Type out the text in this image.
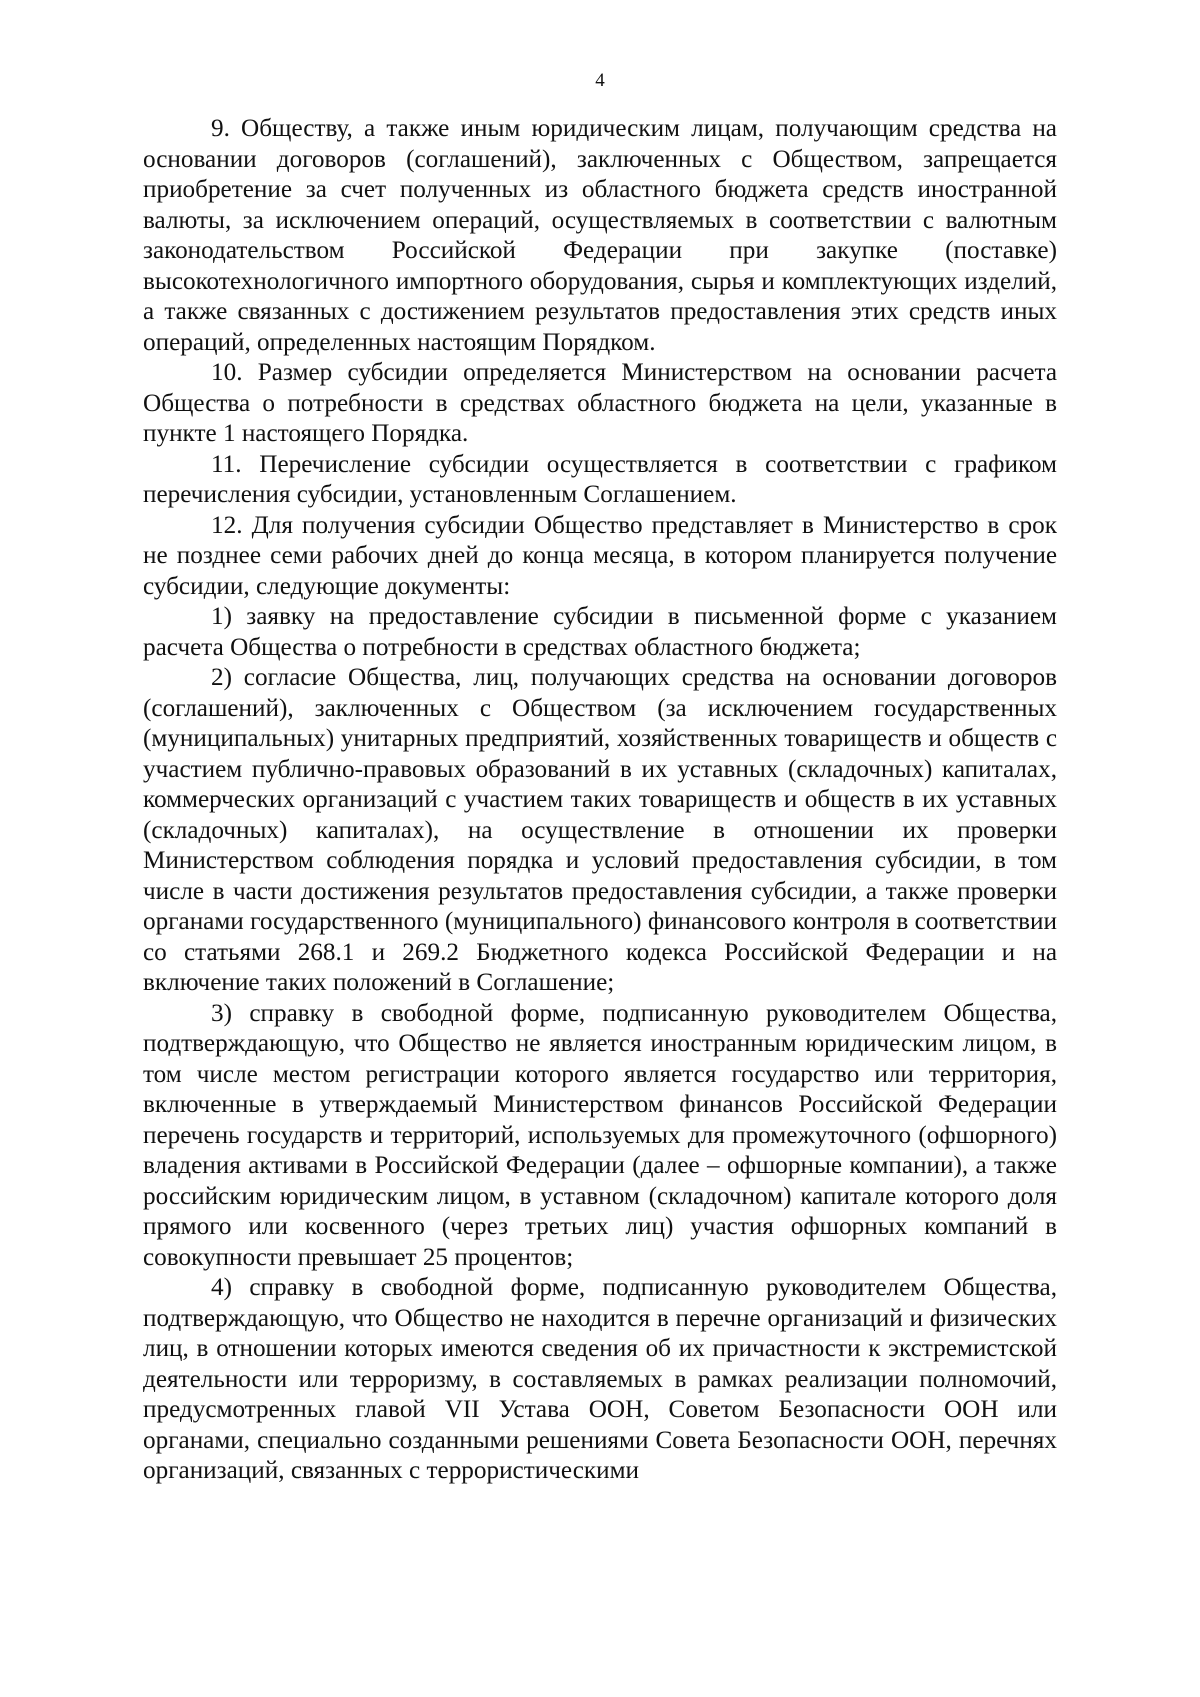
4

9. Обществу, а также иным юридическим лицам, получающим средства на основании договоров (соглашений), заключенных с Обществом, запрещается приобретение за счет полученных из областного бюджета средств иностранной валюты, за исключением операций, осуществляемых в соответствии с валютным законодательством Российской Федерации при закупке (поставке) высокотехнологичного импортного оборудования, сырья и комплектующих изделий, а также связанных с достижением результатов предоставления этих средств иных операций, определенных настоящим Порядком.

10. Размер субсидии определяется Министерством на основании расчета Общества о потребности в средствах областного бюджета на цели, указанные в пункте 1 настоящего Порядка.

11. Перечисление субсидии осуществляется в соответствии с графиком перечисления субсидии, установленным Соглашением.

12. Для получения субсидии Общество представляет в Министерство в срок не позднее семи рабочих дней до конца месяца, в котором планируется получение субсидии, следующие документы:

1) заявку на предоставление субсидии в письменной форме с указанием расчета Общества о потребности в средствах областного бюджета;

2) согласие Общества, лиц, получающих средства на основании договоров (соглашений), заключенных с Обществом (за исключением государственных (муниципальных) унитарных предприятий, хозяйственных товариществ и обществ с участием публично-правовых образований в их уставных (складочных) капиталах, коммерческих организаций с участием таких товариществ и обществ в их уставных (складочных) капиталах), на осуществление в отношении их проверки Министерством соблюдения порядка и условий предоставления субсидии, в том числе в части достижения результатов предоставления субсидии, а также проверки органами государственного (муниципального) финансового контроля в соответствии со статьями 268.1 и 269.2 Бюджетного кодекса Российской Федерации и на включение таких положений в Соглашение;

3) справку в свободной форме, подписанную руководителем Общества, подтверждающую, что Общество не является иностранным юридическим лицом, в том числе местом регистрации которого является государство или территория, включенные в утверждаемый Министерством финансов Российской Федерации перечень государств и территорий, используемых для промежуточного (офшорного) владения активами в Российской Федерации (далее – офшорные компании), а также российским юридическим лицом, в уставном (складочном) капитале которого доля прямого или косвенного (через третьих лиц) участия офшорных компаний в совокупности превышает 25 процентов;

4) справку в свободной форме, подписанную руководителем Общества, подтверждающую, что Общество не находится в перечне организаций и физических лиц, в отношении которых имеются сведения об их причастности к экстремистской деятельности или терроризму, в составляемых в рамках реализации полномочий, предусмотренных главой VII Устава ООН, Советом Безопасности ООН или органами, специально созданными решениями Совета Безопасности ООН, перечнях организаций, связанных с террористическими
